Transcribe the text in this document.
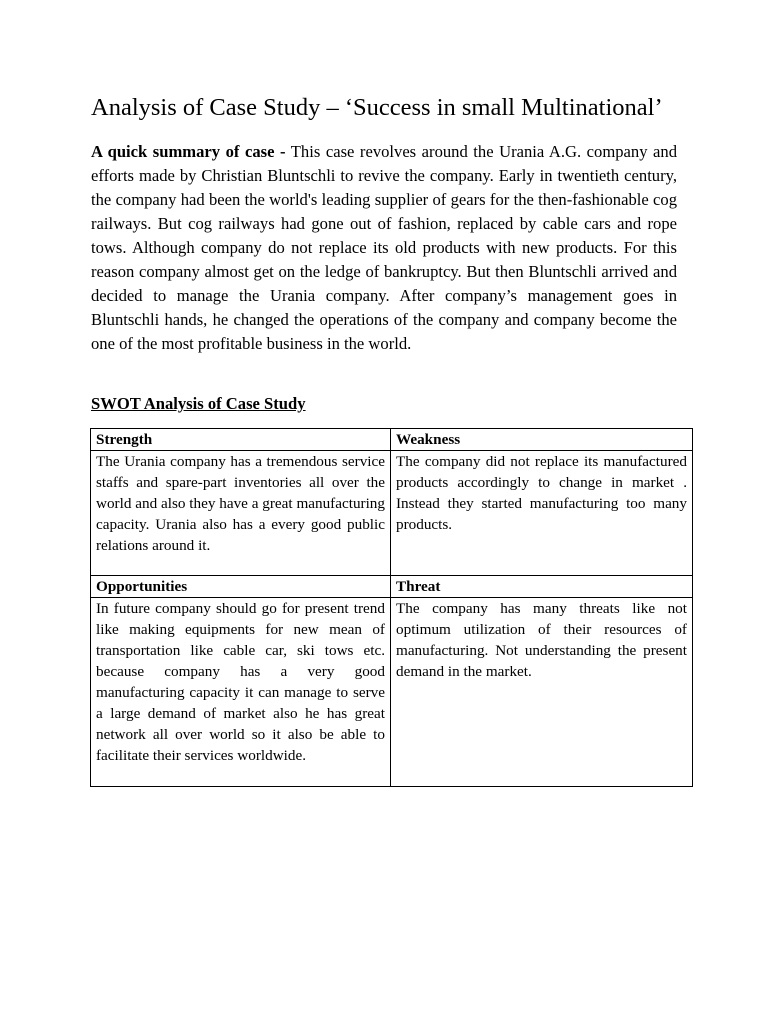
Analysis of Case Study – ‘Success in small Multinational’

A quick summary of case - This case revolves around the Urania A.G. company and efforts made by Christian Bluntschli to revive the company. Early in twentieth century, the company had been the world's leading supplier of gears for the then-fashionable cog railways. But cog railways had gone out of fashion, replaced by cable cars and rope tows. Although company do not replace its old products with new products. For this reason company almost get on the ledge of bankruptcy. But then Bluntschli arrived and decided to manage the Urania company. After company’s management goes in Bluntschli hands, he changed the operations of the company and company become the one of the most profitable business in the world.

SWOT Analysis of Case Study

Strength	Weakness
The Urania company has a tremendous service staffs and spare-part inventories all over the world and also they have a great manufacturing capacity. Urania also has a every good public relations around it.	The company did not replace its manufactured products accordingly to change in market . Instead they started manufacturing too many products.
Opportunities	Threat
In future company should go for present trend like making equipments for new mean of transportation like cable car, ski tows etc. because company has a very good manufacturing capacity it can manage to serve a large demand of market also he has great network all over world so it also be able to facilitate their services worldwide.	The company has many threats like not optimum utilization of their resources of manufacturing. Not understanding the present demand in the market.
